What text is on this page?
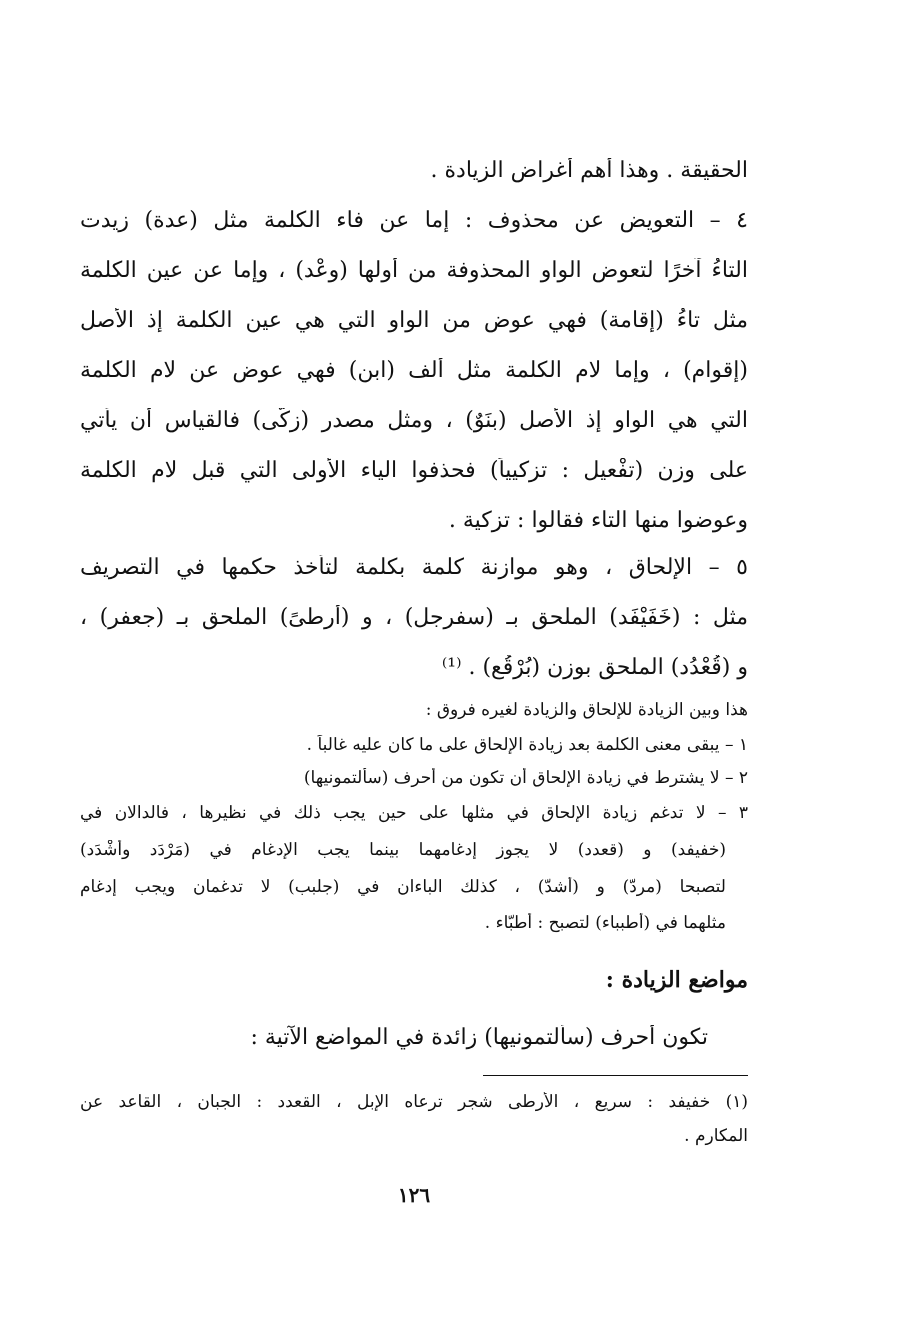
الحقيقة . وهذا أهم أغراض الزيادة .
٤ – التعويض عن محذوف : إما عن فاء الكلمة مثل (عدة) زيدت
التاءُ آخرًا لتعوض الواو المحذوفة من أولها (وعْد) ، وإما عن عين الكلمة
مثل تاءُ (إقامة) فهي عوض من الواو التي هي عين الكلمة إذ الأَصل
(إقوام) ، وإما لام الكلمة مثل ألف (ابن) فهي عوض عن لام الكلمة
التي هي الواو إذ الأَصل (بنَوٌ) ، ومثل مصدر (زكَّى) فالقياس أن يأْتي
على وزن (تفْعيل : تزكيياً) فحذفوا الياء الأولى التي قبل لام الكلمة
وعوضوا منها التاء فقالوا : تزكية .
٥ – الإلحاق ، وهو موازنة كلمة بكلمة لتأْخذ حكمها في التصريف
مثل : (خَفَيْفَد) الملحق بـ (سفرجل) ، و (أَرطىً) الملحق بـ (جعفر) ،
و (قُعْدُد) الملحق بوزن (بُرْقُع) . ⁽¹⁾
هذا وبين الزيادة للإلحاق والزيادة لغيره فروق :
١ – يبقى معنى الكلمة بعد زيادة الإلحاق على ما كان عليه غالباً .
٢ – لا يشترط في زيادة الإلحاق أن تكون من أحرف (سألتمونيها)
٣ – لا تدغم زيادة الإلحاق في مثلها على حين يجب ذلك في نظيرها ، فالدالان في
(خفيفد) و (قعدد) لا يجوز إدغامهما بينما يجب الإدغام في (مَرْدَد وأشْدَد)
لتصبحا (مردّ) و (أشدّ) ، كذلك الباءان في (جلبب) لا تدغمان ويجب إدغام
مثلهما في (أطبباء) لتصبح : أطبّاء .
مواضع الزيادة :
تكون أحرف (سألتمونيها) زائدة في المواضع الآتية :
(١) خفيفد : سريع ، الأرطى شجر ترعاه الإبل ، القعدد : الجبان ، القاعد عن
المكارم .
١٢٦
